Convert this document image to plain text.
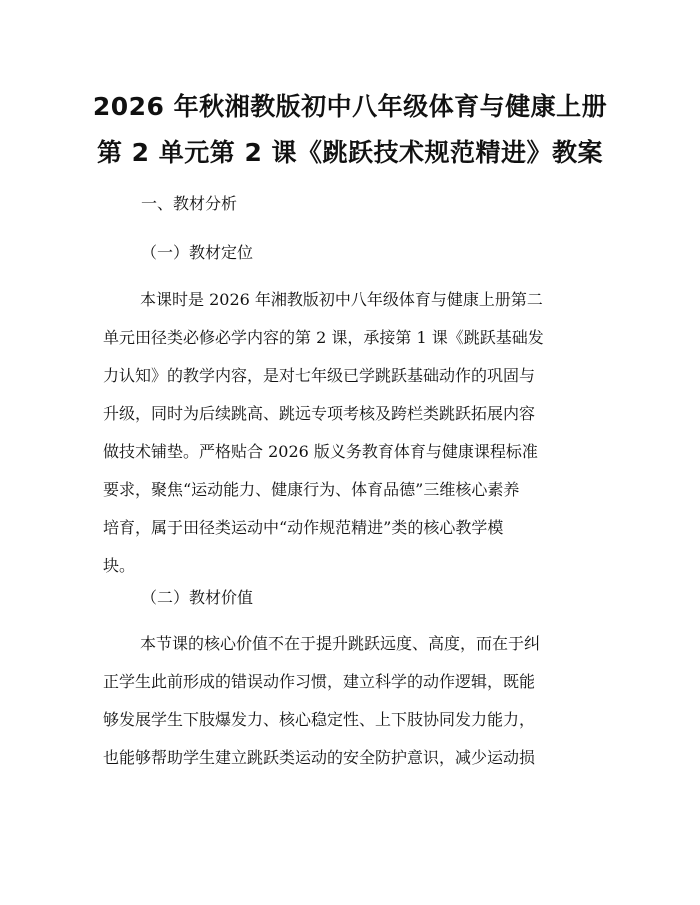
2026 年秋湘教版初中八年级体育与健康上册
第 2 单元第 2 课《跳跃技术规范精进》教案
一、教材分析
（一）教材定位
本课时是 2026 年湘教版初中八年级体育与健康上册第二
单元田径类必修必学内容的第 2 课，承接第 1 课《跳跃基础发
力认知》的教学内容，是对七年级已学跳跃基础动作的巩固与
升级，同时为后续跳高、跳远专项考核及跨栏类跳跃拓展内容
做技术铺垫。严格贴合 2026 版义务教育体育与健康课程标准
要求，聚焦“运动能力、健康行为、体育品德”三维核心素养
培育，属于田径类运动中“动作规范精进”类的核心教学模
块。
（二）教材价值
本节课的核心价值不在于提升跳跃远度、高度，而在于纠
正学生此前形成的错误动作习惯，建立科学的动作逻辑，既能
够发展学生下肢爆发力、核心稳定性、上下肢协同发力能力，
也能够帮助学生建立跳跃类运动的安全防护意识，减少运动损
